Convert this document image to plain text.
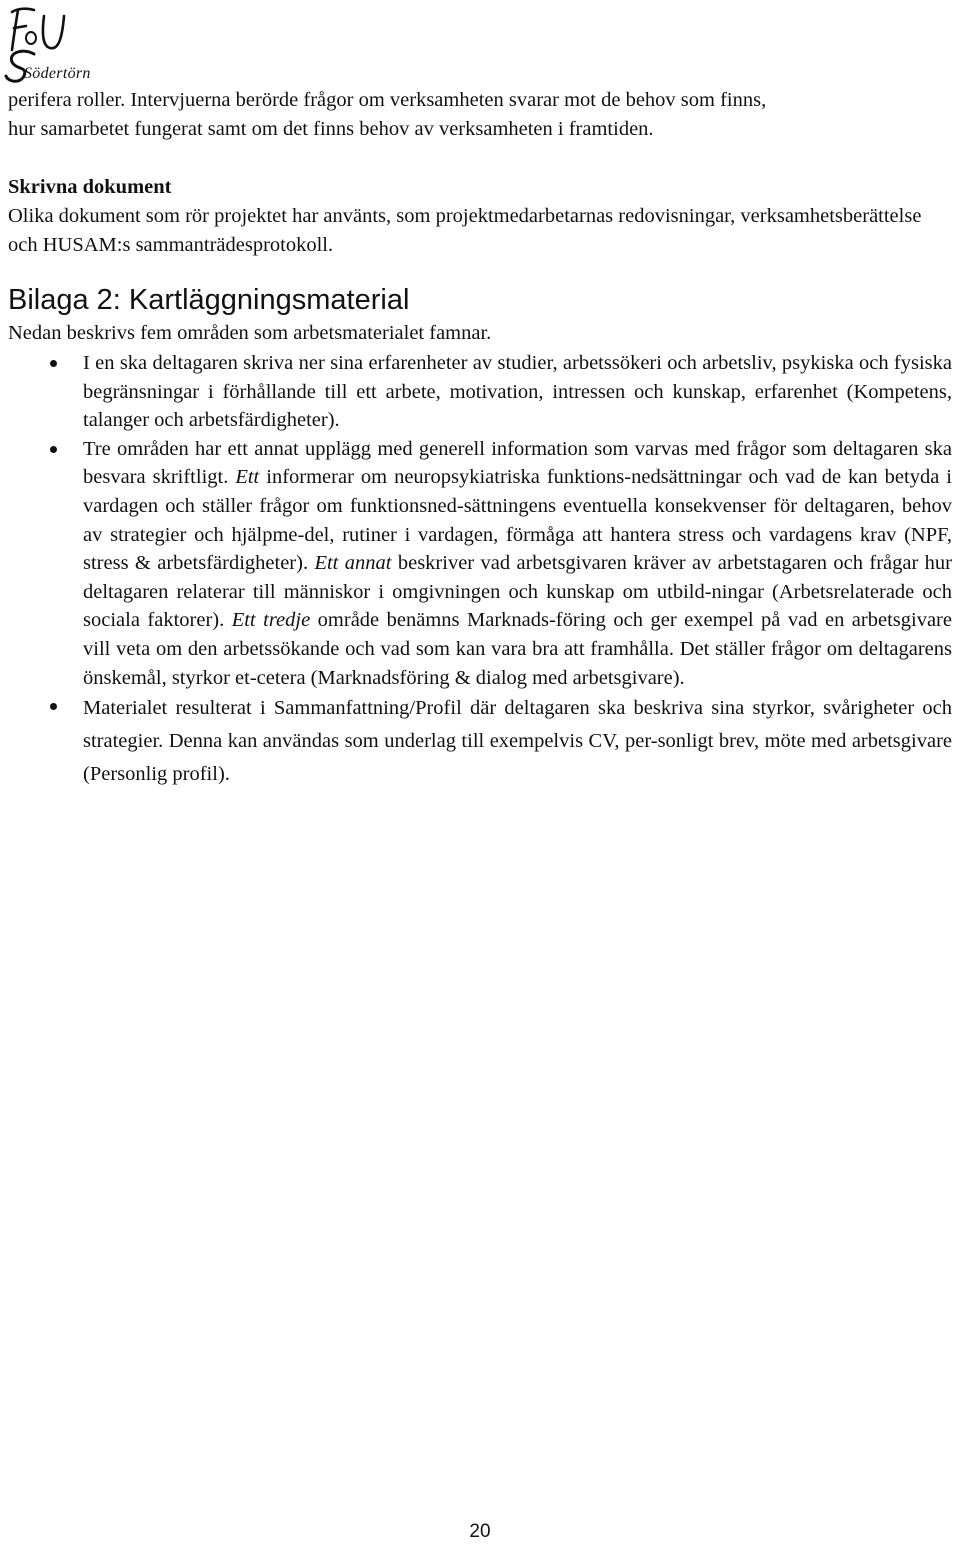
Södertörn

perifera roller. Intervjuerna berörde frågor om verksamheten svarar mot de behov som finns,
hur samarbetet fungerat samt om det finns behov av verksamheten i framtiden.

Skrivna dokument

Olika dokument som rör projektet har använts, som projektmedarbetarnas redovisningar, verksamhetsberättelse och HUSAM:s sammanträdesprotokoll.

Bilaga 2: Kartläggningsmaterial

Nedan beskrivs fem områden som arbetsmaterialet famnar.

I en ska deltagaren skriva ner sina erfarenheter av studier, arbetssökeri och arbetsliv, psykiska och fysiska begränsningar i förhållande till ett arbete, motivation, intressen och kunskap, erfarenhet (Kompetens, talanger och arbetsfärdigheter).
Tre områden har ett annat upplägg med generell information som varvas med frågor som deltagaren ska besvara skriftligt. Ett informerar om neuropsykiatriska funktions-nedsättningar och vad de kan betyda i vardagen och ställer frågor om funktionsned-sättningens eventuella konsekvenser för deltagaren, behov av strategier och hjälpme-del, rutiner i vardagen, förmåga att hantera stress och vardagens krav (NPF, stress & arbetsfärdigheter). Ett annat beskriver vad arbetsgivaren kräver av arbetstagaren och frågar hur deltagaren relaterar till människor i omgivningen och kunskap om utbild-ningar (Arbetsrelaterade och sociala faktorer). Ett tredje område benämns Marknads-föring och ger exempel på vad en arbetsgivare vill veta om den arbetssökande och vad som kan vara bra att framhålla. Det ställer frågor om deltagarens önskemål, styrkor et-cetera (Marknadsföring & dialog med arbetsgivare).
Materialet resulterat i Sammanfattning/Profil där deltagaren ska beskriva sina styrkor, svårigheter och strategier. Denna kan användas som underlag till exempelvis CV, per-sonligt brev, möte med arbetsgivare (Personlig profil).
20
